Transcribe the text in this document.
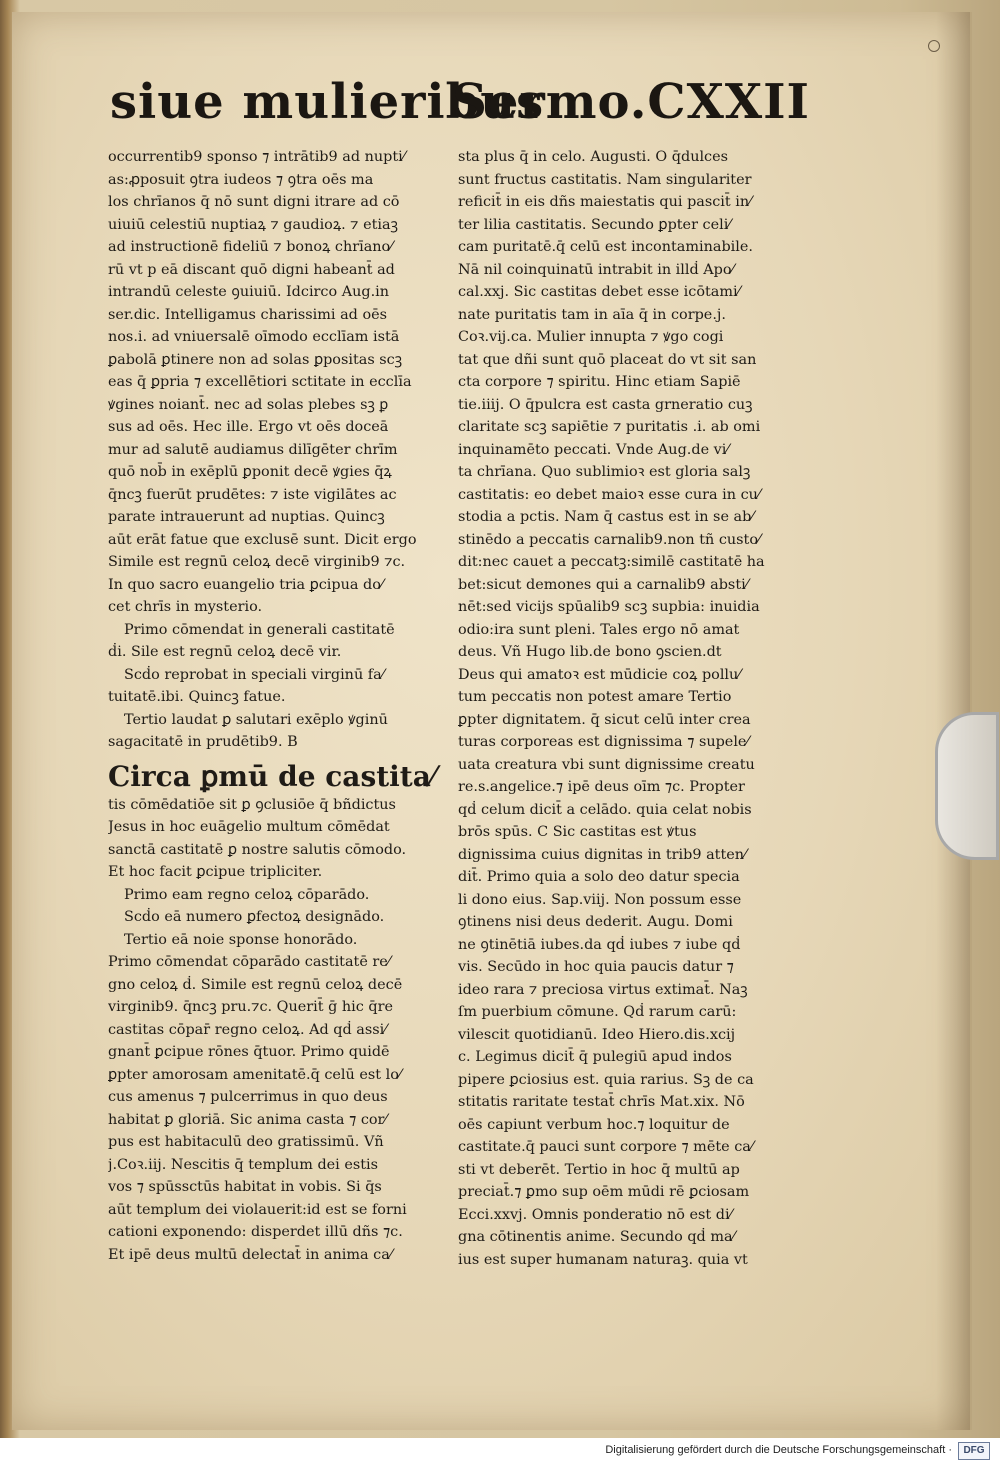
siue mulieribus
Sermo.CXXII
occurrentib9 sponso ⁊ intrātib9 ad nupti⁄
as:ꝓposuit ꝯtra iudeos ⁊ ꝯtra oēs ma
los chrīanos q̄ nō sunt digni itrare ad cō
uiuiū celestiū nuptiaꝝ ⁊ gaudioꝝ. ⁊ etiaꝫ
ad instructionē fideliū ⁊ bonoꝝ chrīano⁄
rū vt p eā discant quō digni habeant̄ ad
intrandū celeste ꝯuiuiū. Idcirco Aug.in
ser.dic. Intelligamus charissimi ad oēs
nos.i. ad vniuersalē oīmodo ecclīam istā
ꝑabolā ꝑtinere non ad solas ꝑpositas scꝫ
eas q̄ ꝑpria ⁊ excellētiori sctitate in ecclīa
ꝟgines noiant̄. nec ad solas plebes sꝫ ꝑ
sus ad oēs. Hec ille. Ergo vt oēs doceā
mur ad salutē audiamus dilīgēter chrīm
quō nob̄ in exēplū ꝑponit decē ꝟgies q̄ꝝ
q̄ncꝫ fuerūt prudētes: ⁊ iste vigilātes ac
parate intrauerunt ad nuptias. Quincꝫ
aūt erāt fatue que exclusē sunt. Dicit ergo
Simile est regnū celoꝝ decē virginib9 ⁊c.
In quo sacro euangelio tria ꝑcipua do⁄
cet chrīs in mysterio.
Primo cōmendat in generali castitatē
ḋi. Sile est regnū celoꝝ decē vir.
Scḋo reprobat in speciali virginū fa⁄
tuitatē.ibi. Quincꝫ fatue.
Tertio laudat ꝑ salutari exēplo ꝟginū
sagacitatē in prudētib9. B
Circa ꝑmū de castita⁄
tis cōmēdatiōe sit ꝑ ꝯclusiōe q̄ bñdictus
Jesus in hoc euāgelio multum cōmēdat
sanctā castitatē ꝑ nostre salutis cōmodo.
Et hoc facit ꝑcipue tripliciter.
Primo eam regno celoꝝ cōparādo.
Scḋo eā numero ꝑfectoꝝ designādo.
Tertio eā noie sponse honorādo.
Primo cōmendat cōparādo castitatē re⁄
gno celoꝝ ḋ. Simile est regnū celoꝝ decē
virginib9. q̄ncꝫ pru.⁊c. Querit̄ ḡ hic q̄re
castitas cōpar̄ regno celoꝝ. Ad qḋ assi⁄
gnant̄ ꝑcipue rōnes q̄tuor. Primo quidē
ꝑpter amorosam amenitatē.q̄ celū est lo⁄
cus amenus ⁊ pulcerrimus in quo deus
habitat ꝑ gloriā. Sic anima casta ⁊ cor⁄
pus est habitaculū deo gratissimū. Vñ
j.Coꝛ.iij. Nescitis q̄ templum dei estis
vos ⁊ spūssctūs habitat in vobis. Si q̄s
aūt templum dei violauerit:id est se forni
cationi exponendo: disperdet illū dñs ⁊c.
Et ipē deus multū delectat̄ in anima ca⁄
sta plus q̄ in celo. Augusti. O q̄dulces
sunt fructus castitatis. Nam singulariter
reficit̄ in eis dñs maiestatis qui pascit̄ in⁄
ter lilia castitatis. Secundo ꝑpter celi⁄
cam puritatē.q̄ celū est incontaminabile.
Nā nil coinquinatū intrabit in illḋ Apo⁄
cal.xxj. Sic castitas debet esse icōtami⁄
nate puritatis tam in aīa q̄ in corpe.j.
Coꝛ.vij.ca. Mulier innupta ⁊ ꝟgo cogi
tat que dñi sunt quō placeat do vt sit san
cta corpore ⁊ spiritu. Hinc etiam Sapiē
tie.iiij. O q̄pulcra est casta grneratio cuꝫ
claritate scꝫ sapiētie ⁊ puritatis .i. ab omi
inquinamēto peccati. Vnde Aug.de vi⁄
ta chrīana. Quo sublimioꝛ est gloria salꝫ
castitatis: eo debet maioꝛ esse cura in cu⁄
stodia a pctis. Nam q̄ castus est in se ab⁄
stinēdo a peccatis carnalib9.non tñ custo⁄
dit:nec cauet a peccatꝫ:similē castitatē ha
bet:sicut demones qui a carnalib9 absti⁄
nēt:sed vicijs spūalib9 scꝫ supbia: inuidia
odio:ira sunt pleni. Tales ergo nō amat
deus. Vñ Hugo lib.de bono ꝯscien.dt
Deus qui amatoꝛ est mūdicie coꝝ pollu⁄
tum peccatis non potest amare Tertio
ꝑpter dignitatem. q̄ sicut celū inter crea
turas corporeas est dignissima ⁊ supele⁄
uata creatura vbi sunt dignissime creatu
re.s.angelice.⁊ ipē deus oīm ⁊c. Propter
qḋ celum dicit̄ a celādo. quia celat nobis
brōs spūs. C Sic castitas est ꝟtus
dignissima cuius dignitas in trib9 atten⁄
dit̄. Primo quia a solo deo datur specia
li dono eius. Sap.viij. Non possum esse
ꝯtinens nisi deus dederit. Augu. Domi
ne ꝯtinētiā iubes.da qḋ iubes ⁊ iube qḋ
vis. Secūdo in hoc quia paucis datur ⁊
ideo rara ⁊ preciosa virtus extimat̄. Naꝫ
ſm puerbium cōmune. Qḋ rarum carū:
vilescit quotidianū. Ideo Hiero.dis.xcij
c. Legimus dicit̄ q̄ pulegiū apud indos
pipere ꝑciosius est. quia rarius. Sꝫ de ca
stitatis raritate testat̄ chrīs Mat.xix. Nō
oēs capiunt verbum hoc.⁊ loquitur de
castitate.q̄ pauci sunt corpore ⁊ mēte ca⁄
sti vt deberēt. Tertio in hoc q̄ multū ap
preciat̄.⁊ ꝑmo sup oēm mūdi rē ꝑciosam
Ecci.xxvj. Omnis ponderatio nō est di⁄
gna cōtinentis anime. Secundo qḋ ma⁄
ius est super humanam naturaꝫ. quia vt
Digitalisierung gefördert durch die Deutsche Forschungsgemeinschaft ·	DFG
